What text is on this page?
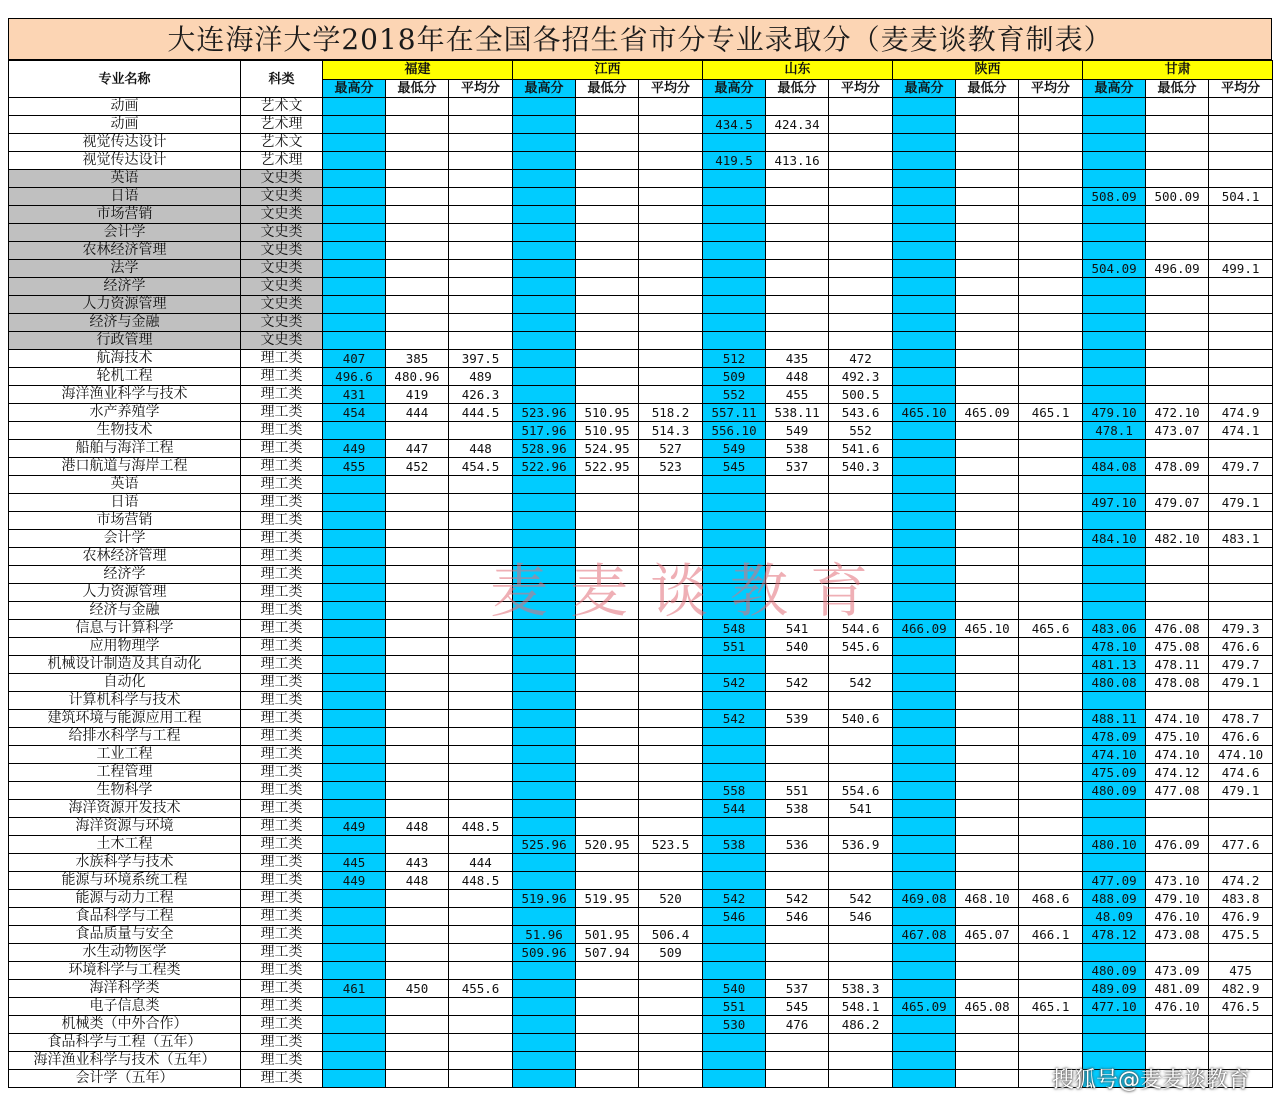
大连海洋大学2018年在全国各招生省市分专业录取分（麦麦谈教育制表）
专业名称	科类	福建			江西			山东			陕西			甘肃		
		最高分	最低分	平均分	最高分	最低分	平均分	最高分	最低分	平均分	最高分	最低分	平均分	最高分	最低分	平均分
动画	艺术文															
动画	艺术理							434.5	424.34							
视觉传达设计	艺术文															
视觉传达设计	艺术理							419.5	413.16							
英语	文史类															
日语	文史类													508.09	500.09	504.1
市场营销	文史类															
会计学	文史类															
农林经济管理	文史类															
法学	文史类													504.09	496.09	499.1
经济学	文史类															
人力资源管理	文史类															
经济与金融	文史类															
行政管理	文史类															
航海技术	理工类	407	385	397.5				512	435	472						
轮机工程	理工类	496.6	480.96	489				509	448	492.3						
海洋渔业科学与技术	理工类	431	419	426.3				552	455	500.5						
水产养殖学	理工类	454	444	444.5	523.96	510.95	518.2	557.11	538.11	543.6	465.10	465.09	465.1	479.10	472.10	474.9
生物技术	理工类				517.96	510.95	514.3	556.10	549	552				478.1	473.07	474.1
船舶与海洋工程	理工类	449	447	448	528.96	524.95	527	549	538	541.6						
港口航道与海岸工程	理工类	455	452	454.5	522.96	522.95	523	545	537	540.3				484.08	478.09	479.7
英语	理工类															
日语	理工类													497.10	479.07	479.1
市场营销	理工类															
会计学	理工类													484.10	482.10	483.1
农林经济管理	理工类															
经济学	理工类															
人力资源管理	理工类															
经济与金融	理工类															
信息与计算科学	理工类							548	541	544.6	466.09	465.10	465.6	483.06	476.08	479.3
应用物理学	理工类							551	540	545.6				478.10	475.08	476.6
机械设计制造及其自动化	理工类													481.13	478.11	479.7
自动化	理工类							542	542	542				480.08	478.08	479.1
计算机科学与技术	理工类															
建筑环境与能源应用工程	理工类							542	539	540.6				488.11	474.10	478.7
给排水科学与工程	理工类													478.09	475.10	476.6
工业工程	理工类													474.10	474.10	474.10
工程管理	理工类													475.09	474.12	474.6
生物科学	理工类							558	551	554.6				480.09	477.08	479.1
海洋资源开发技术	理工类							544	538	541						
海洋资源与环境	理工类	449	448	448.5												
土木工程	理工类				525.96	520.95	523.5	538	536	536.9				480.10	476.09	477.6
水族科学与技术	理工类	445	443	444												
能源与环境系统工程	理工类	449	448	448.5										477.09	473.10	474.2
能源与动力工程	理工类				519.96	519.95	520	542	542	542	469.08	468.10	468.6	488.09	479.10	483.8
食品科学与工程	理工类							546	546	546				48.09	476.10	476.9
食品质量与安全	理工类				51.96	501.95	506.4				467.08	465.07	466.1	478.12	473.08	475.5
水生动物医学	理工类				509.96	507.94	509									
环境科学与工程类	理工类													480.09	473.09	475
海洋科学类	理工类	461	450	455.6				540	537	538.3				489.09	481.09	482.9
电子信息类	理工类							551	545	548.1	465.09	465.08	465.1	477.10	476.10	476.5
机械类（中外合作）	理工类							530	476	486.2						
食品科学与工程（五年）	理工类															
海洋渔业科学与技术（五年）	理工类															
会计学（五年）	理工类															
麦麦谈教育
搜狐号@麦麦谈教育
